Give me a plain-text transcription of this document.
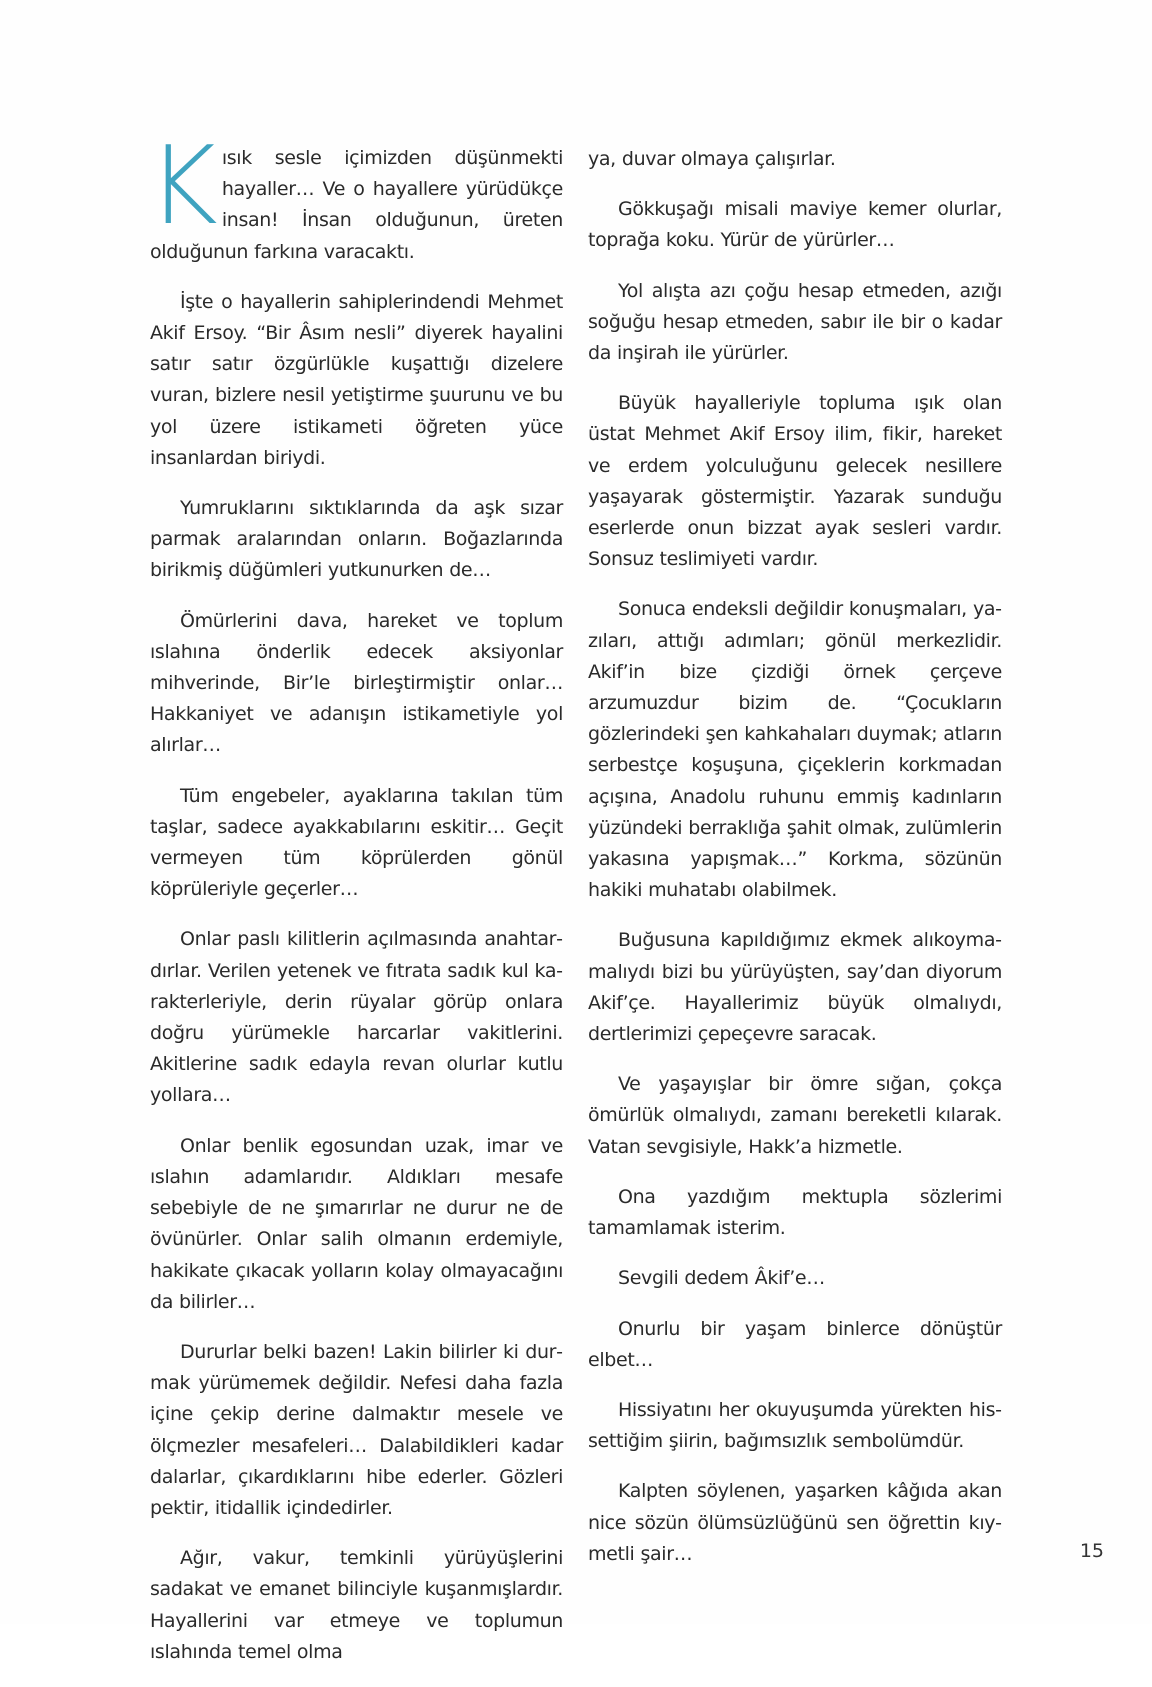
Kısık sesle içimizden düşünmekti hayaller… Ve o hayallere yürüdükçe insan! İnsan olduğunun, üreten olduğunun farkına varacaktı.

İşte o hayallerin sahiplerindendi Mehmet Akif Ersoy. “Bir Âsım nesli” diyerek hayalini satır satır özgürlükle kuşattığı dizelere vuran, bizlere nesil yetiştirme şuurunu ve bu yol üzere istikameti öğreten yüce insanlardan biriydi.

Yumruklarını sıktıklarında da aşk sızar parmak aralarından onların. Boğazlarında birikmiş düğümleri yutkunurken de…

Ömürlerini dava, hareket ve toplum ıslahına önderlik edecek aksiyonlar mihverinde, Bir’le birleştirmiştir onlar… Hakkaniyet ve adanışın istikametiyle yol alırlar…

Tüm engebeler, ayaklarına takılan tüm taşlar, sadece ayakkabılarını eskitir… Geçit vermeyen tüm köprülerden gönül köprüleriyle geçerler…

Onlar paslı kilitlerin açılmasında anahtardırlar. Verilen yetenek ve fıtrata sadık kul karakterleriyle, derin rüyalar görüp onlara doğru yürümekle harcarlar vakitlerini. Akitlerine sadık edayla revan olurlar kutlu yollara…

Onlar benlik egosundan uzak, imar ve ıslahın adamlarıdır. Aldıkları mesafe sebebiyle de ne şımarırlar ne durur ne de övünürler. Onlar salih olmanın erdemiyle, hakikate çıkacak yolların kolay olmayacağını da bilirler…

Dururlar belki bazen! Lakin bilirler ki durmak yürümemek değildir. Nefesi daha fazla içine çekip derine dalmaktır mesele ve ölçmezler mesafeleri… Dalabildikleri kadar dalarlar, çıkardıklarını hibe ederler. Gözleri pektir, itidallik içindedirler.

Ağır, vakur, temkinli yürüyüşlerini sadakat ve emanet bilinciyle kuşanmışlardır. Hayallerini var etmeye ve toplumun ıslahında temel olma

ya, duvar olmaya çalışırlar.

Gökkuşağı misali maviye kemer olurlar, toprağa koku. Yürür de yürürler…

Yol alışta azı çoğu hesap etmeden, azığı soğuğu hesap etmeden, sabır ile bir o kadar da inşirah ile yürürler.

Büyük hayalleriyle topluma ışık olan üstat Mehmet Akif Ersoy ilim, fikir, hareket ve erdem yolculuğunu gelecek nesillere yaşayarak göstermiştir. Yazarak sunduğu eserlerde onun bizzat ayak sesleri vardır. Sonsuz teslimiyeti vardır.

Sonuca endeksli değildir konuşmaları, yazıları, attığı adımları; gönül merkezlidir. Akif’in bize çizdiği örnek çerçeve arzumuzdur bizim de. “Çocukların gözlerindeki şen kahkahaları duymak; atların serbestçe koşuşuna, çiçeklerin korkmadan açışına, Anadolu ruhunu emmiş kadınların yüzündeki berraklığa şahit olmak, zulümlerin yakasına yapışmak…” Korkma, sözünün hakiki muhatabı olabilmek.

Buğusuna kapıldığımız ekmek alıkoymamalıydı bizi bu yürüyüşten, say’dan diyorum Akif’çe. Hayallerimiz büyük olmalıydı, dertlerimizi çepeçevre saracak.

Ve yaşayışlar bir ömre sığan, çokça ömürlük olmalıydı, zamanı bereketli kılarak. Vatan sevgisiyle, Hakk’a hizmetle.

Ona yazdığım mektupla sözlerimi tamamlamak isterim.

Sevgili dedem Âkif’e…

Onurlu bir yaşam binlerce dönüştür elbet…

Hissiyatını her okuyuşumda yürekten hissettiğim şiirin, bağımsızlık sembolümdür.

Kalpten söylenen, yaşarken kâğıda akan nice sözün ölümsüzlüğünü sen öğrettin kıymetli şair…	15
